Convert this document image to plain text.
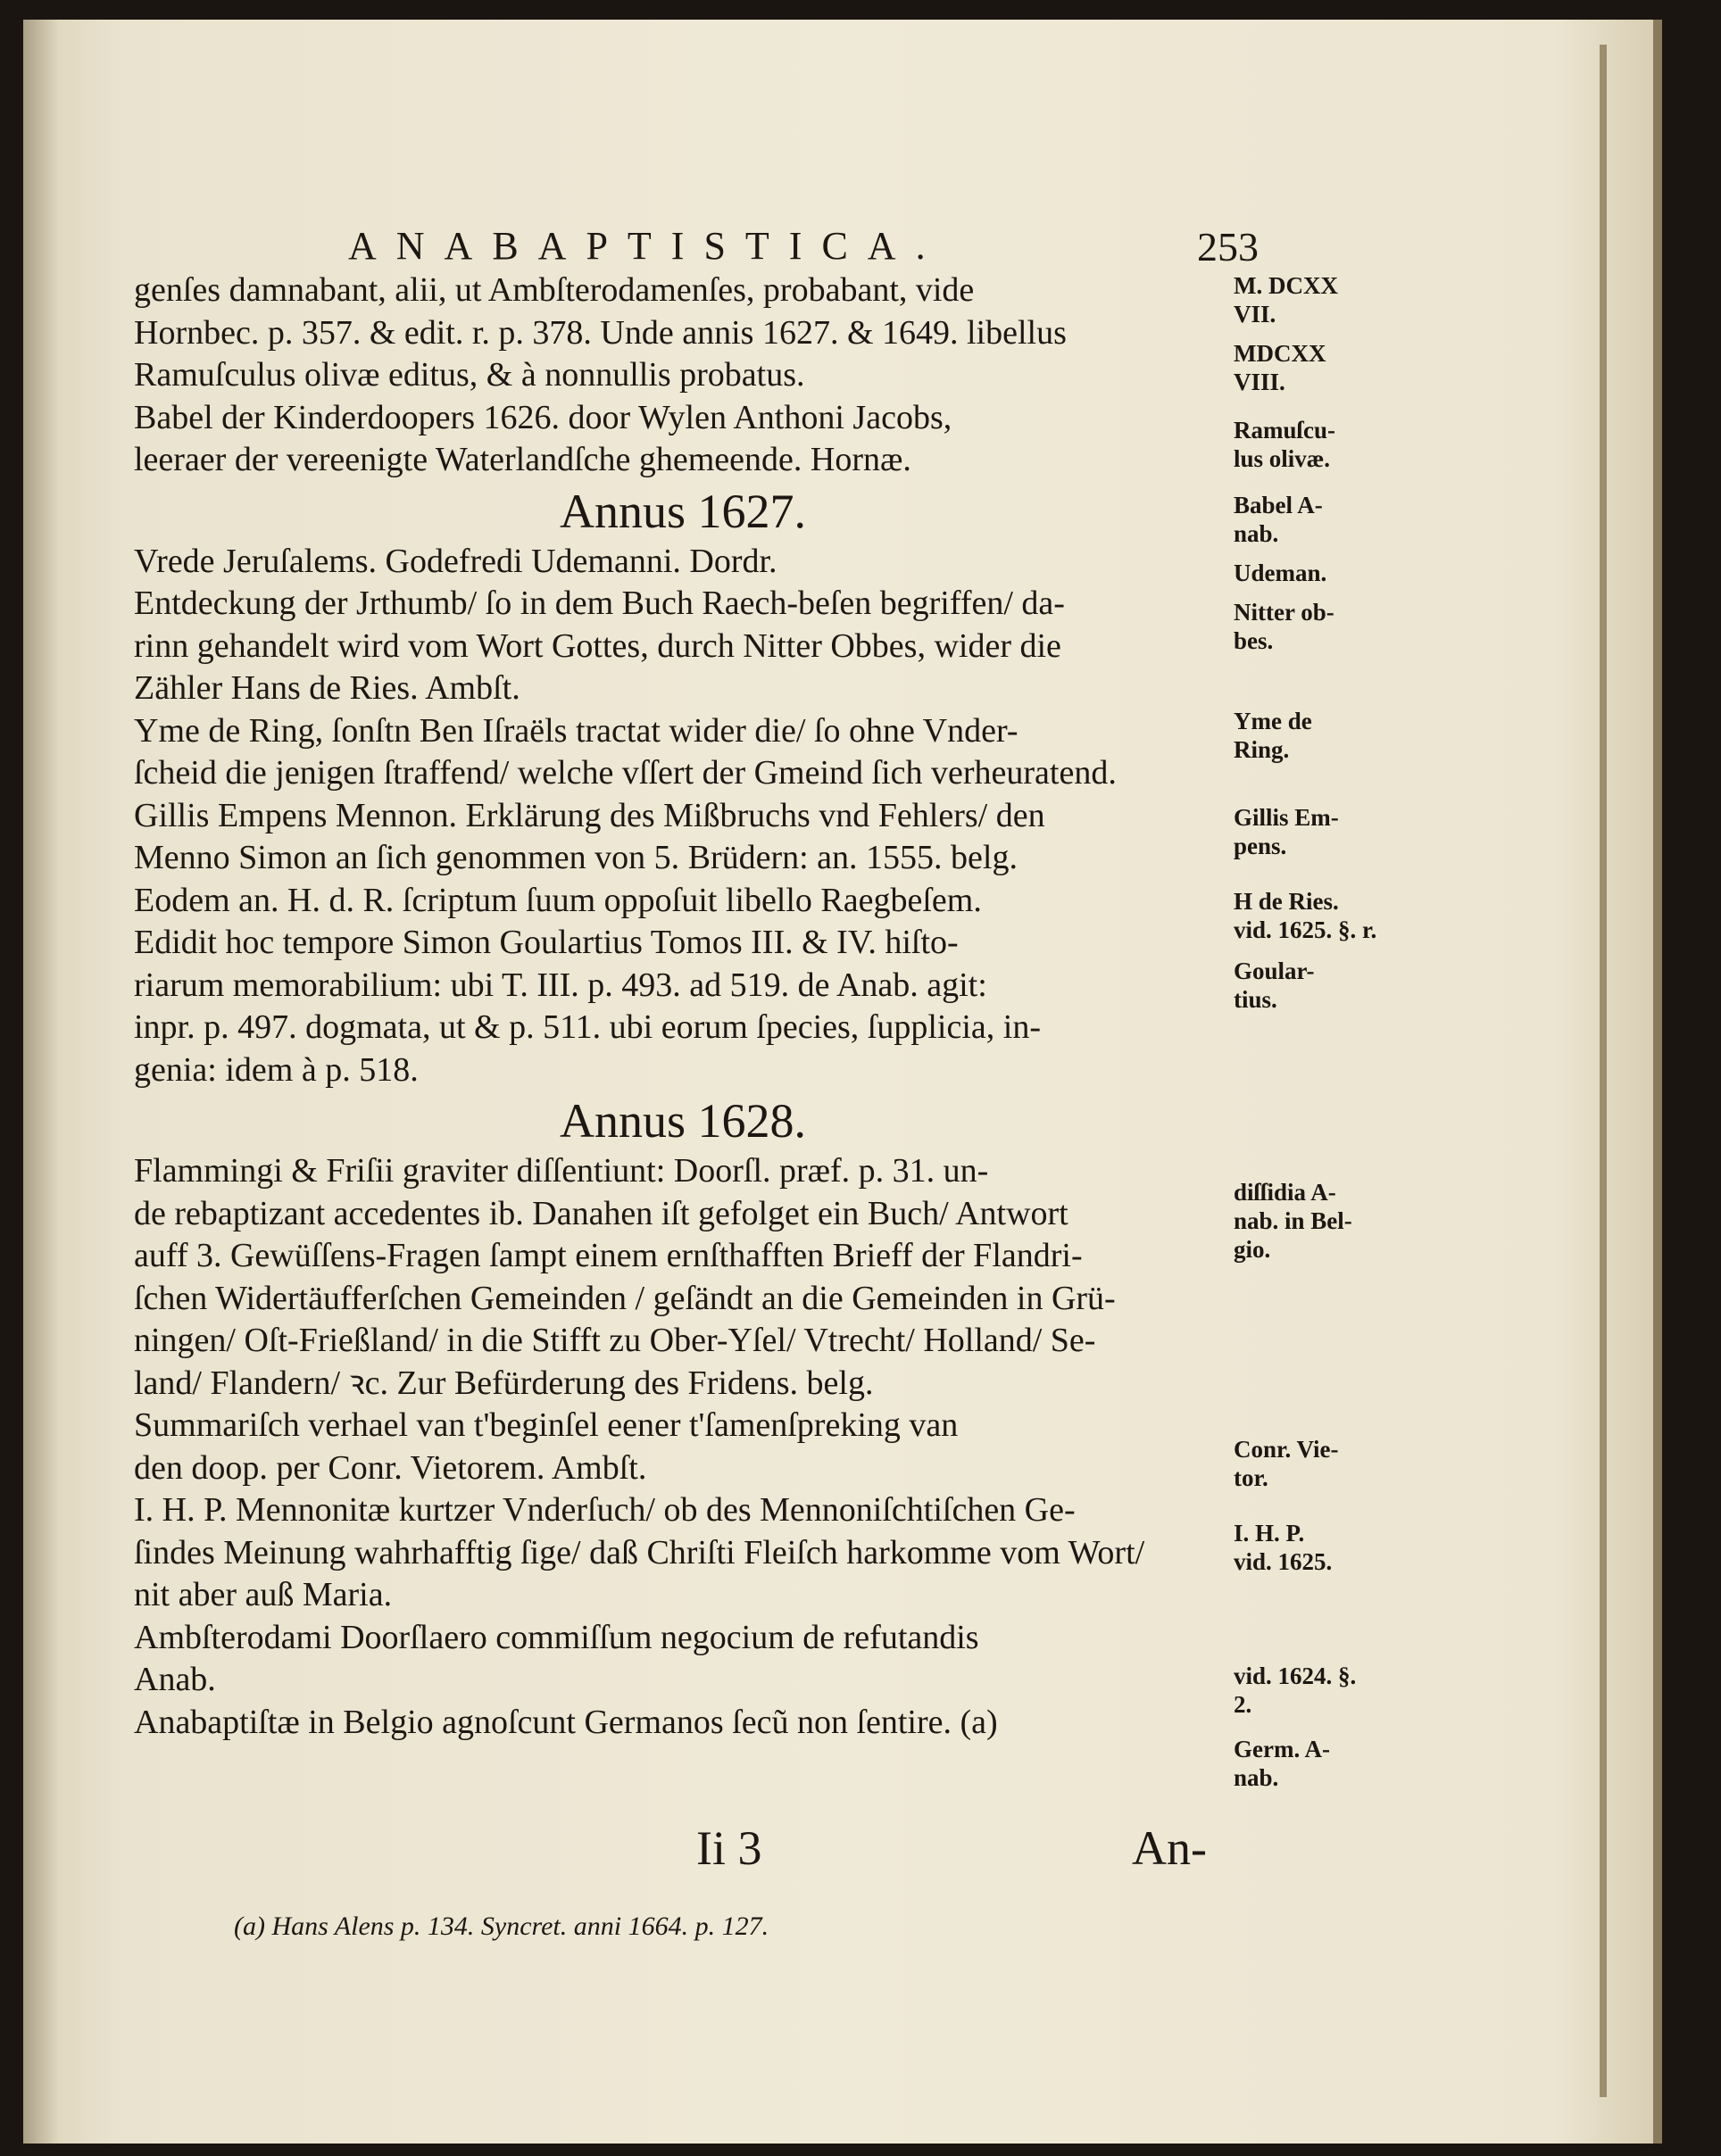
ANABAPTISTICA.	253
genſes damnabant, alii, ut Ambſterodamenſes, probabant, vide
Hornbec. p. 357. & edit. r. p. 378. Unde annis 1627. & 1649. libellus
Ramuſculus olivæ editus, & à nonnullis probatus.
Babel der Kinderdoopers 1626. door Wylen Anthoni Jacobs,
leeraer der vereenigte Waterlandſche ghemeende. Hornæ.
Annus 1627.
Vrede Jeruſalems. Godefredi Udemanni. Dordr.
Entdeckung der Jrthumb/ ſo in dem Buch Raech-beſen begriffen/ da-
rinn gehandelt wird vom Wort Gottes, durch Nitter Obbes, wider die
Zähler Hans de Ries. Ambſt.
Yme de Ring, ſonſtn Ben Iſraëls tractat wider die/ ſo ohne Vnder-
ſcheid die jenigen ſtraffend/ welche vſſert der Gmeind ſich verheuratend.
Gillis Empens Mennon. Erklärung des Mißbruchs vnd Fehlers/ den
Menno Simon an ſich genommen von 5. Brüdern: an. 1555. belg.
Eodem an. H. d. R. ſcriptum ſuum oppoſuit libello Raegbeſem.
Edidit hoc tempore Simon Goulartius Tomos III. & IV. hiſto-
riarum memorabilium: ubi T. III. p. 493. ad 519. de Anab. agit:
inpr. p. 497. dogmata, ut & p. 511. ubi eorum ſpecies, ſupplicia, in-
genia: idem à p. 518.
Annus 1628.
Flammingi & Friſii graviter diſſentiunt: Doorſl. præf. p. 31. un-
de rebaptizant accedentes ib. Danahen iſt gefolget ein Buch/ Antwort
auff 3. Gewüſſens-Fragen ſampt einem ernſthafften Brieff der Flandri-
ſchen Widertäufferſchen Gemeinden / geſändt an die Gemeinden in Grü-
ningen/ Oſt-Frießland/ in die Stifft zu Ober-Yſel/ Vtrecht/ Holland/ Se-
land/ Flandern/ ꝛc. Zur Befürderung des Fridens. belg.
Summariſch verhael van t'beginſel eener t'ſamenſpreking van
den doop. per Conr. Vietorem. Ambſt.
I. H. P. Mennonitæ kurtzer Vnderſuch/ ob des Mennoniſchtiſchen Ge-
ſindes Meinung wahrhafftig ſige/ daß Chriſti Fleiſch harkomme vom Wort/
nit aber auß Maria.
Ambſterodami Doorſlaero commiſſum negocium de refutandis
Anab.
Anabaptiſtæ in Belgio agnoſcunt Germanos ſecũ non ſentire. (a)
M. DCXX
VII.
MDCXX
VIII.
Ramuſcu-
lus olivæ.
Babel A-
nab.
Udeman.
Nitter ob-
bes.
Yme de
Ring.
Gillis Em-
pens.
H de Ries.
vid. 1625. §. r.
Goular-
tius.
diſſidia A-
nab. in Bel-
gio.
Conr. Vie-
tor.
I. H. P.
vid. 1625.
vid. 1624. §.
2.
Germ. A-
nab.
Ii 3	An-
(a) Hans Alens p. 134. Syncret. anni 1664. p. 127.
